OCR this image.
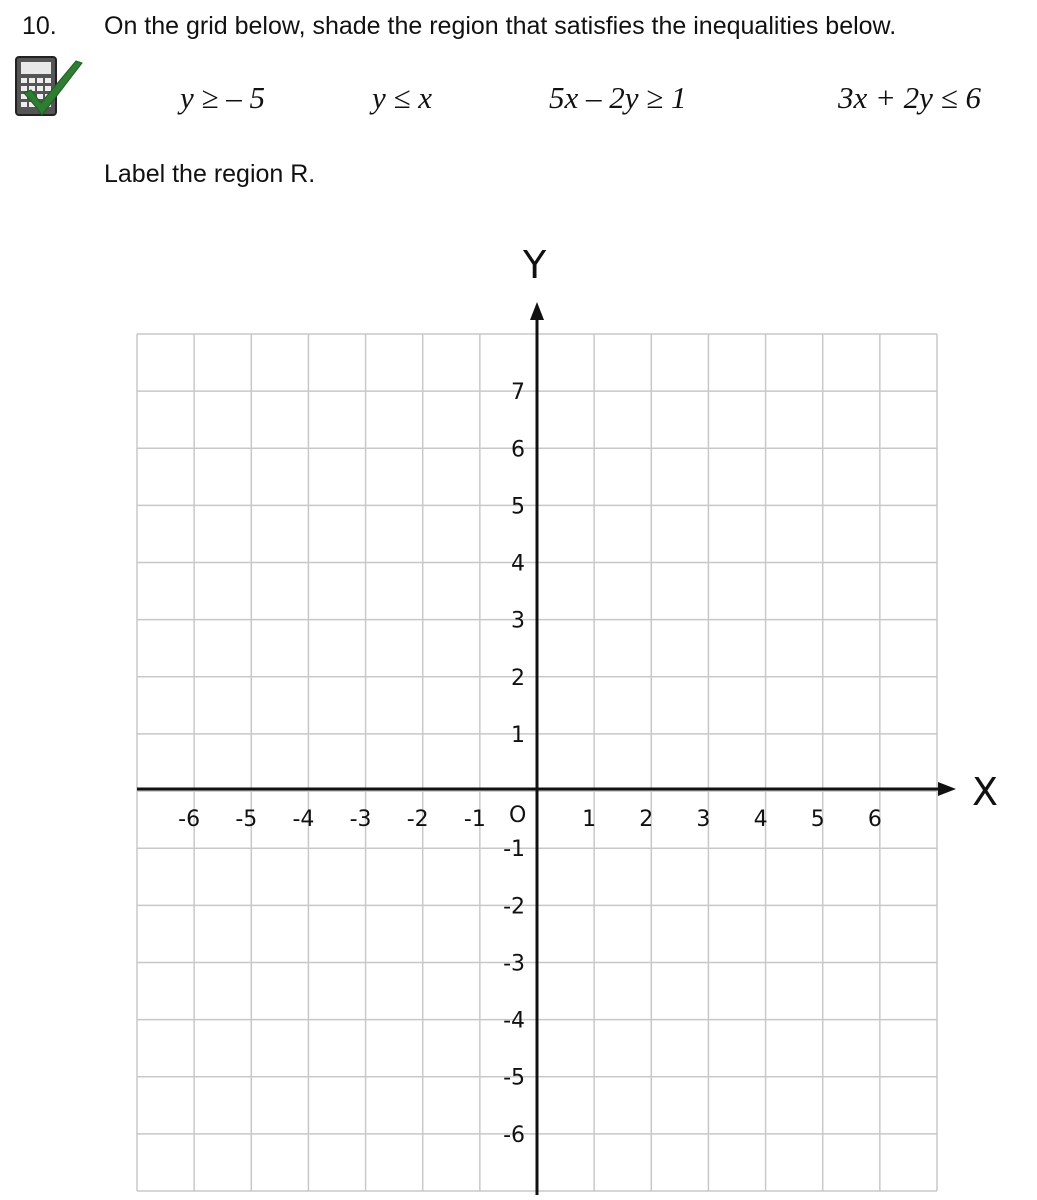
10. On the grid below, shade the region that satisfies the inequalities below.
y ≥ – 5	y ≤ x	5x – 2y ≥ 1	3x + 2y ≤ 6
Label the region R.
X
Y
O
-6 -5 -4 -3 -2 -1	1 2 3 4 5 6
7
6
5
4
3
2
1
-1
-2
-3
-4
-5
-6
